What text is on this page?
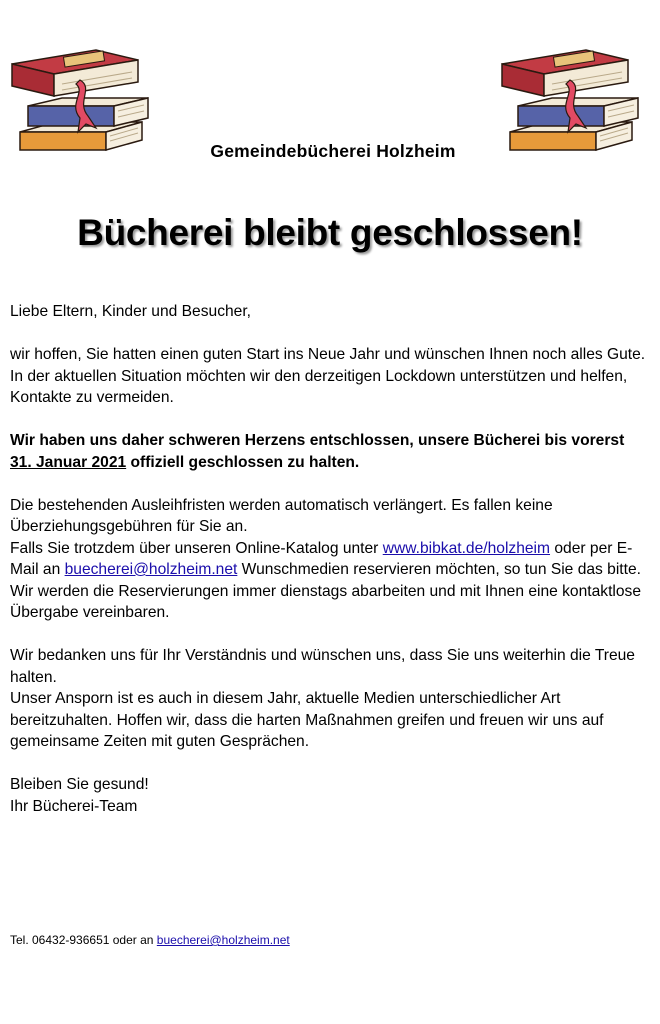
Gemeindebücherei Holzheim
Bücherei bleibt geschlossen!

Liebe Eltern, Kinder und Besucher,

wir hoffen, Sie hatten einen guten Start ins Neue Jahr und wünschen Ihnen noch alles Gute.
In der aktuellen Situation möchten wir den derzeitigen Lockdown unterstützen und helfen, Kontakte zu vermeiden.

Wir haben uns daher schweren Herzens entschlossen, unsere Bücherei bis vorerst 31. Januar 2021 offiziell geschlossen zu halten.

Die bestehenden Ausleihfristen werden automatisch verlängert. Es fallen keine Überziehungsgebühren für Sie an.
Falls Sie trotzdem über unseren Online-Katalog unter www.bibkat.de/holzheim oder per E-Mail an buecherei@holzheim.net Wunschmedien reservieren möchten, so tun Sie das bitte.
Wir werden die Reservierungen immer dienstags abarbeiten und mit Ihnen eine kontaktlose Übergabe vereinbaren.

Wir bedanken uns für Ihr Verständnis und wünschen uns, dass Sie uns weiterhin die Treue halten.
Unser Ansporn ist es auch in diesem Jahr, aktuelle Medien unterschiedlicher Art bereitzuhalten. Hoffen wir, dass die harten Maßnahmen greifen und freuen wir uns auf gemeinsame Zeiten mit guten Gesprächen.

Bleiben Sie gesund!
Ihr Bücherei-Team

Tel. 06432-936651 oder an buecherei@holzheim.net
